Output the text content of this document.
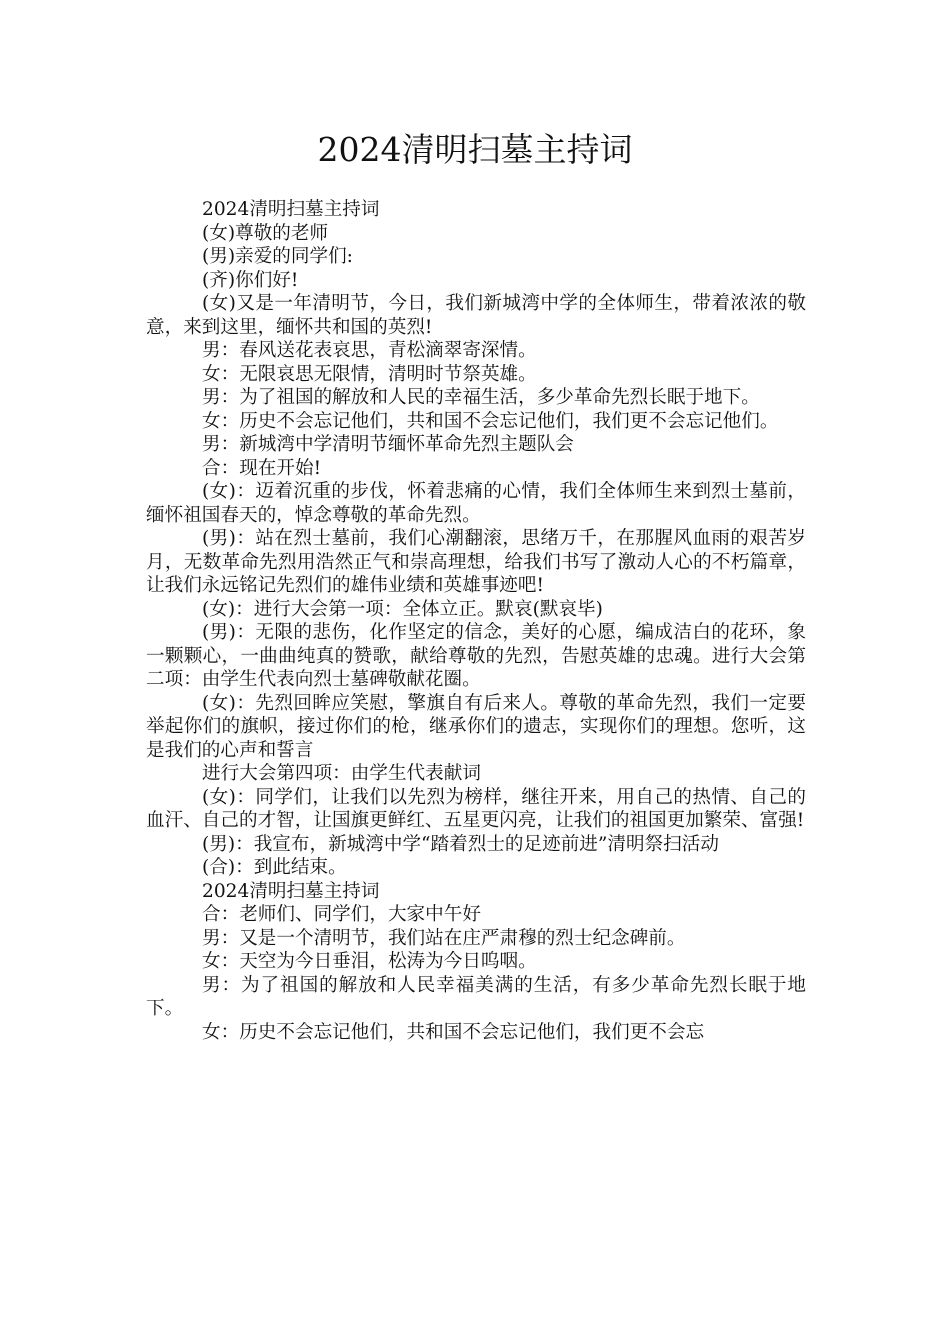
2024清明扫墓主持词

2024清明扫墓主持词

(女)尊敬的老师

(男)亲爱的同学们:

(齐)你们好!

(女)又是一年清明节，今日，我们新城湾中学的全体师生，带着浓浓的敬意，来到这里，缅怀共和国的英烈!

男：春风送花表哀思，青松滴翠寄深情。

女：无限哀思无限情，清明时节祭英雄。

男：为了祖国的解放和人民的幸福生活，多少革命先烈长眠于地下。

女：历史不会忘记他们，共和国不会忘记他们，我们更不会忘记他们。

男：新城湾中学清明节缅怀革命先烈主题队会

合：现在开始!

(女)：迈着沉重的步伐，怀着悲痛的心情，我们全体师生来到烈士墓前，缅怀祖国春天的，悼念尊敬的革命先烈。

(男)：站在烈士墓前，我们心潮翻滚，思绪万千，在那腥风血雨的艰苦岁月，无数革命先烈用浩然正气和崇高理想，给我们书写了激动人心的不朽篇章，让我们永远铭记先烈们的雄伟业绩和英雄事迹吧!

(女)：进行大会第一项：全体立正。默哀(默哀毕)

(男)：无限的悲伤，化作坚定的信念，美好的心愿，编成洁白的花环，象一颗颗心，一曲曲纯真的赞歌，献给尊敬的先烈，告慰英雄的忠魂。进行大会第二项：由学生代表向烈士墓碑敬献花圈。

(女)：先烈回眸应笑慰，擎旗自有后来人。尊敬的革命先烈，我们一定要举起你们的旗帜，接过你们的枪，继承你们的遗志，实现你们的理想。您听，这是我们的心声和誓言

进行大会第四项：由学生代表献词

(女)：同学们，让我们以先烈为榜样，继往开来，用自己的热情、自己的血汗、自己的才智，让国旗更鲜红、五星更闪亮，让我们的祖国更加繁荣、富强!

(男)：我宣布，新城湾中学“踏着烈士的足迹前进”清明祭扫活动

(合)：到此结束。

2024清明扫墓主持词

合：老师们、同学们，大家中午好

男：又是一个清明节，我们站在庄严肃穆的烈士纪念碑前。

女：天空为今日垂泪，松涛为今日呜咽。

男：为了祖国的解放和人民幸福美满的生活，有多少革命先烈长眠于地下。

女：历史不会忘记他们，共和国不会忘记他们，我们更不会忘
